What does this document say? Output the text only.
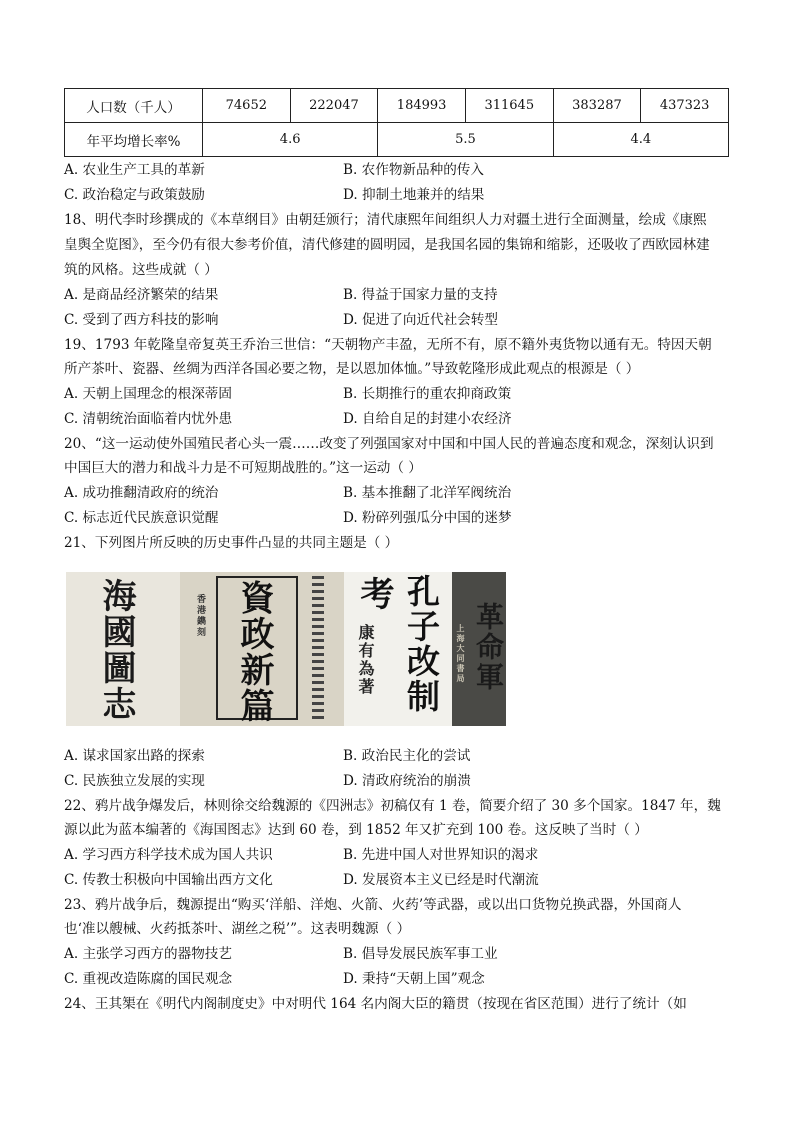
人口数（千人）	74652	222047	184993	311645	383287	437323
年平均增长率%	4.6		5.5		4.4	
A. 农业生产工具的革新	B. 农作物新品种的传入
C. 政治稳定与政策鼓励	D. 抑制土地兼并的结果
18、明代李时珍撰成的《本草纲目》由朝廷颁行；清代康熙年间组织人力对疆土进行全面测量，绘成《康熙
皇舆全览图》，至今仍有很大参考价值，清代修建的圆明园，是我国名园的集锦和缩影，还吸收了西欧园林建
筑的风格。这些成就（ ）
A. 是商品经济繁荣的结果	B. 得益于国家力量的支持
C. 受到了西方科技的影响	D. 促进了向近代社会转型
19、1793 年乾隆皇帝复英王乔治三世信：“天朝物产丰盈，无所不有，原不籍外夷货物以通有无。特因天朝
所产茶叶、瓷器、丝绸为西洋各国必要之物，是以恩加体恤。”导致乾隆形成此观点的根源是（ ）
A. 天朝上国理念的根深蒂固	B. 长期推行的重农抑商政策
C. 清朝统治面临着内忧外患	D. 自给自足的封建小农经济
20、“这一运动使外国殖民者心头一震……改变了列强国家对中国和中国人民的普遍态度和观念，深刻认识到
中国巨大的潜力和战斗力是不可短期战胜的。”这一运动（ ）
A. 成功推翻清政府的统治	B. 基本推翻了北洋军阀统治
C. 标志近代民族意识觉醒	D. 粉碎列强瓜分中国的迷梦
21、下列图片所反映的历史事件凸显的共同主题是（ ）
海國圖志	香港鐫刻 資政新篇 考
康有為著 孔子改制	上海大同書局 革命軍
A. 谋求国家出路的探索	B. 政治民主化的尝试
C. 民族独立发展的实现	D. 清政府统治的崩溃
22、鸦片战争爆发后，林则徐交给魏源的《四洲志》初稿仅有 1 卷，简要介绍了 30 多个国家。1847 年，魏
源以此为蓝本编著的《海国图志》达到 60 卷，到 1852 年又扩充到 100 卷。这反映了当时（ ）
A. 学习西方科学技术成为国人共识	B. 先进中国人对世界知识的渴求
C. 传教士积极向中国输出西方文化	D. 发展资本主义已经是时代潮流
23、鸦片战争后，魏源提出“购买‘洋船、洋炮、火箭、火药’等武器，或以出口货物兑换武器，外国商人
也‘准以艘械、火药抵茶叶、湖丝之税’”。这表明魏源（ ）
A. 主张学习西方的器物技艺	B. 倡导发展民族军事工业
C. 重视改造陈腐的国民观念	D. 秉持“天朝上国”观念
24、王其榘在《明代内阁制度史》中对明代 164 名内阁大臣的籍贯（按现在省区范围）进行了统计（如
